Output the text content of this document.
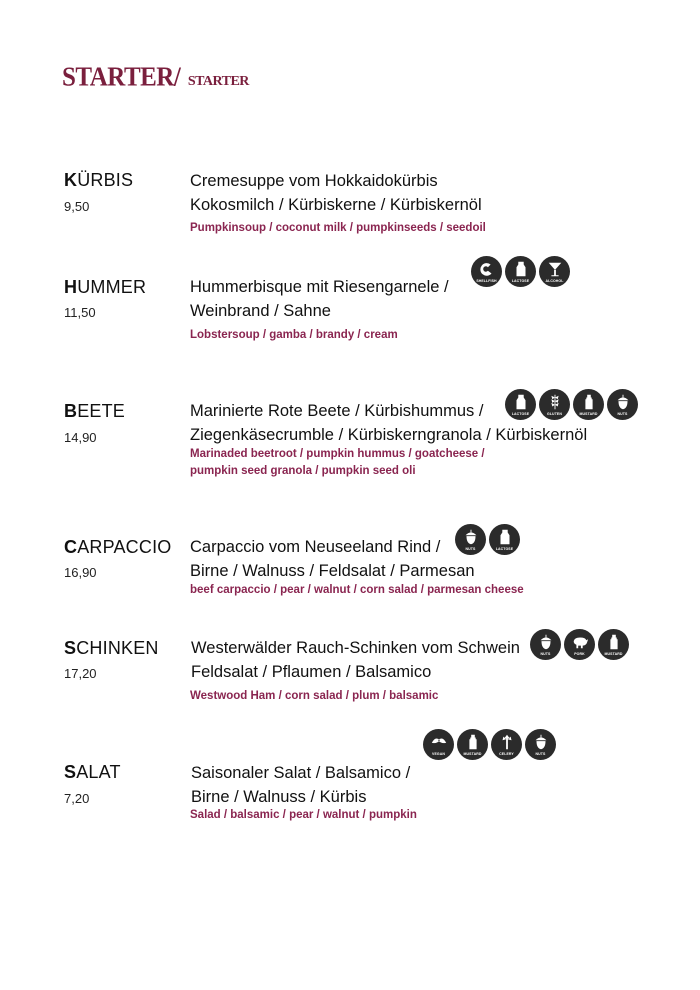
STARTER/ STARTER
KÜRBIS
9,50
Cremesuppe vom Hokkaidokürbis
Kokosmilch / Kürbiskerne / Kürbiskernöl
Pumpkinsoup / coconut milk / pumpkinseeds / seedoil
HUMMER
11,50
Hummerbisque mit Riesengarnele /
Weinbrand / Sahne
Lobstersoup / gamba / brandy / cream
SHELLFISH	LACTOSE	ALCOHOL
BEETE
14,90
Marinierte Rote Beete / Kürbishummus /
Ziegenkäsecrumble / Kürbiskerngranola / Kürbiskernöl
Marinaded beetroot / pumpkin hummus / goatcheese /
pumpkin seed granola / pumpkin seed oli
LACTOSE	GLUTEN	MUSTARD	NUTS
CARPACCIO
16,90
Carpaccio vom Neuseeland Rind /
Birne / Walnuss / Feldsalat / Parmesan
beef carpaccio / pear / walnut / corn salad / parmesan cheese
NUTS	LACTOSE
SCHINKEN
17,20
Westerwälder Rauch-Schinken vom Schwein
Feldsalat / Pflaumen / Balsamico
Westwood Ham / corn salad / plum / balsamic
NUTS	PORK	MUSTARD
SALAT
7,20
Saisonaler Salat / Balsamico /
Birne / Walnuss / Kürbis
Salad / balsamic / pear / walnut / pumpkin
VEGAN	MUSTARD	CELERY	NUTS
